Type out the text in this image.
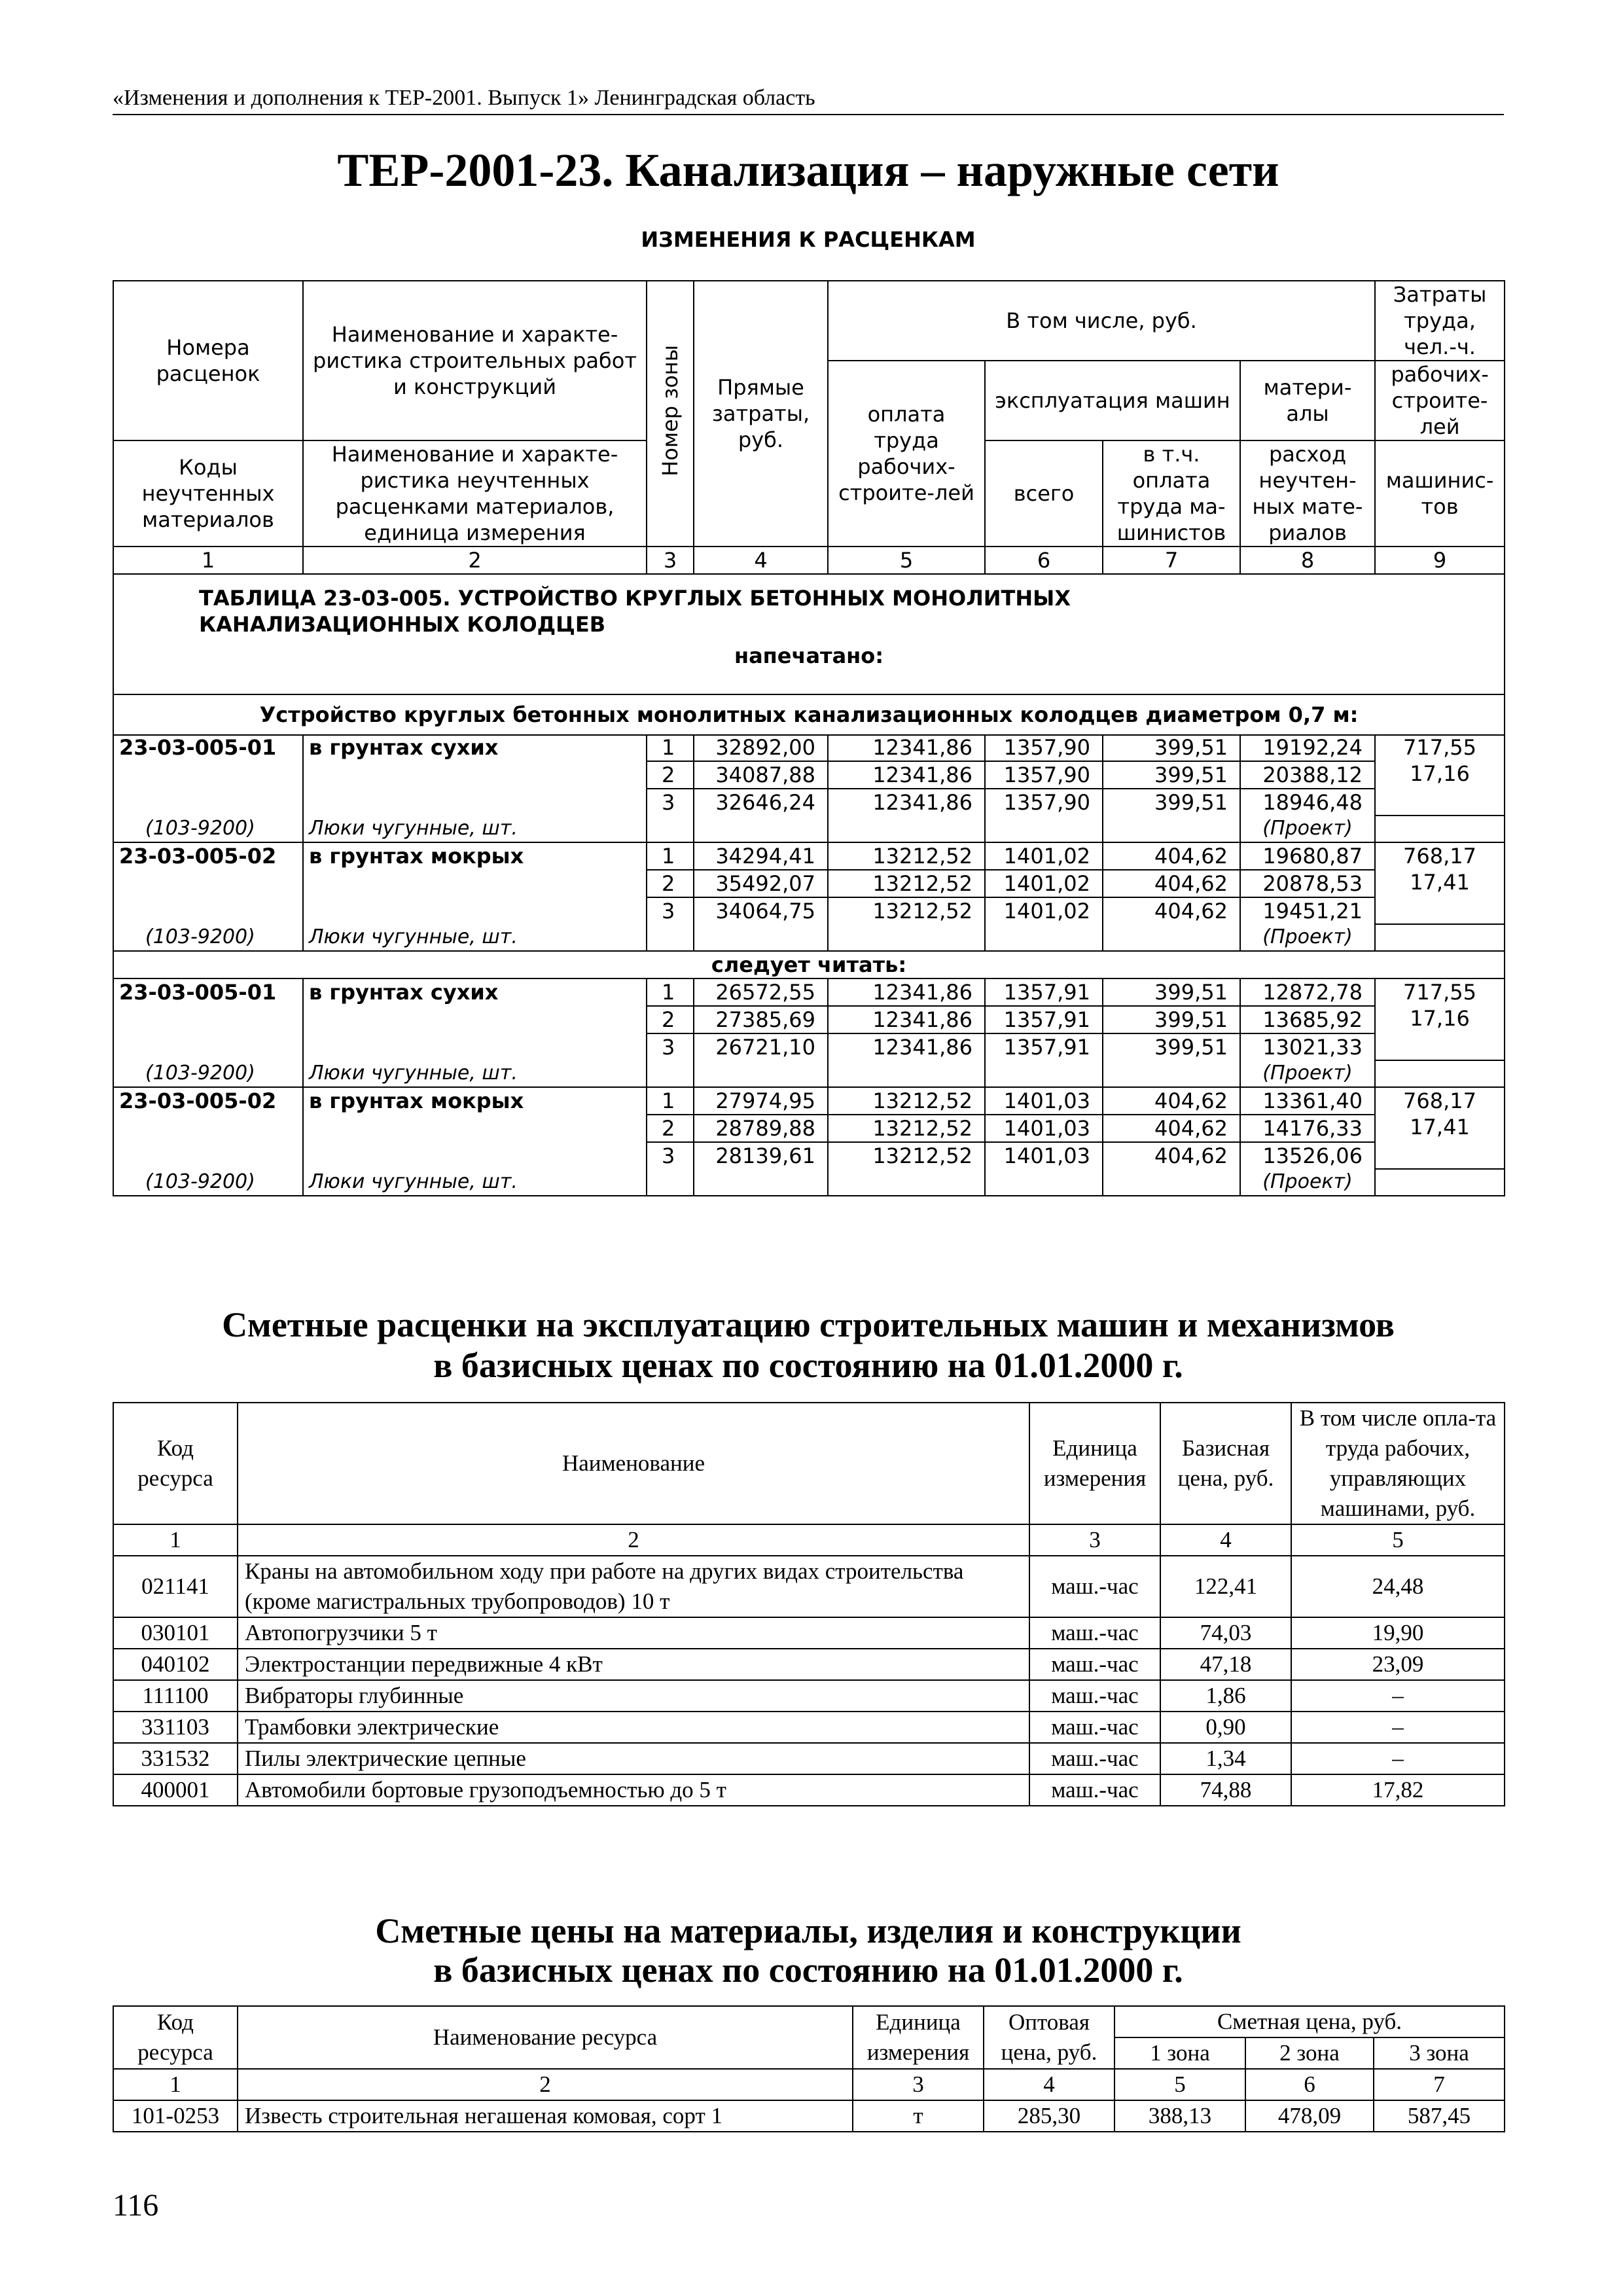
«Изменения и дополнения к ТЕР-2001. Выпуск 1» Ленинградская область
ТЕР-2001-23. Канализация – наружные сети
ИЗМЕНЕНИЯ К РАСЦЕНКАМ
Номера расценок	Наименование и характе-ристика строительных работ и конструкций	Номер зоны	Прямые затраты, руб.	В том числе, руб.				Затраты труда, чел.-ч.
				оплата труда рабочих-строите-лей	эксплуатация машин		матери-алы	рабочих-строите-лей
Коды неучтенных материалов	Наименование и характе-ристика неучтенных расценками материалов, единица измерения				всего	в т.ч. оплата труда ма-шинистов	расход неучтен-ных мате-риалов	машинис-тов
1	2	3	4	5	6	7	8	9

ТАБЛИЦА 23-03-005. УСТРОЙСТВО КРУГЛЫХ БЕТОННЫХ МОНОЛИТНЫХ КАНАЛИЗАЦИОННЫХ КОЛОДЦЕВ
напечатано:								

Устройство круглых бетонных монолитных канализационных колодцев диаметром 0,7 м:								
23-03-005-01	в грунтах сухих	1	32892,00	12341,86	1357,90	399,51	19192,24	717,55
17,16
		2	34087,88	12341,86	1357,90	399,51	20388,12	
		3	32646,24	12341,86	1357,90	399,51	18946,48	
(103-9200)	Люки чугунные, шт.						(Проект)	
23-03-005-02	в грунтах мокрых	1	34294,41	13212,52	1401,02	404,62	19680,87	768,17
17,41
		2	35492,07	13212,52	1401,02	404,62	20878,53	
		3	34064,75	13212,52	1401,02	404,62	19451,21	
(103-9200)	Люки чугунные, шт.						(Проект)	
следует читать:								
23-03-005-01	в грунтах сухих	1	26572,55	12341,86	1357,91	399,51	12872,78	717,55
17,16
		2	27385,69	12341,86	1357,91	399,51	13685,92	
		3	26721,10	12341,86	1357,91	399,51	13021,33	
(103-9200)	Люки чугунные, шт.						(Проект)	
23-03-005-02	в грунтах мокрых	1	27974,95	13212,52	1401,03	404,62	13361,40	768,17
17,41
		2	28789,88	13212,52	1401,03	404,62	14176,33	
		3	28139,61	13212,52	1401,03	404,62	13526,06	
(103-9200)	Люки чугунные, шт.						(Проект)	
Сметные расценки на эксплуатацию строительных машин и механизмов
в базисных ценах по состоянию на 01.01.2000 г.
Код ресурса	Наименование	Единица измерения	Базисная цена, руб.	В том числе опла-та труда рабочих, управляющих машинами, руб.
1	2	3	4	5
021141	Краны на автомобильном ходу при работе на других видах строительства (кроме магистральных трубопроводов) 10 т	маш.-час	122,41	24,48
030101	Автопогрузчики 5 т	маш.-час	74,03	19,90
040102	Электростанции передвижные 4 кВт	маш.-час	47,18	23,09
111100	Вибраторы глубинные	маш.-час	1,86	–
331103	Трамбовки электрические	маш.-час	0,90	–
331532	Пилы электрические цепные	маш.-час	1,34	–
400001	Автомобили бортовые грузоподъемностью до 5 т	маш.-час	74,88	17,82
Сметные цены на материалы, изделия и конструкции
в базисных ценах по состоянию на 01.01.2000 г.
Код ресурса	Наименование ресурса	Единица измерения	Оптовая цена, руб.	Сметная цена, руб.		
				1 зона	2 зона	3 зона
1	2	3	4	5	6	7
101-0253	Известь строительная негашеная комовая, сорт 1	т	285,30	388,13	478,09	587,45
116
